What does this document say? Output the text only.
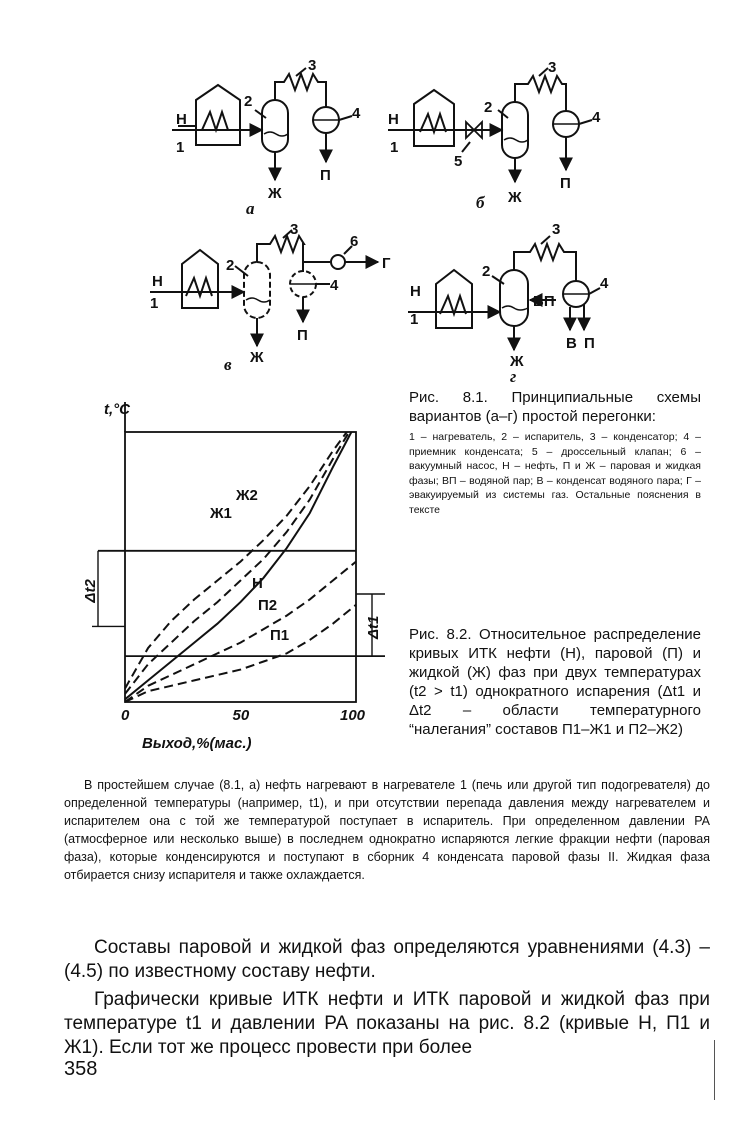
Н
1
2
3
4
Ж
П
а
Н
1
2
3
4
5
Ж
П
б
Н
1
2
3
4
6
Г
Ж
П
в
Н
1
2
3
4
ВП
Ж
В П
г
Рис. 8.1. Принципиальные схемы вариантов (а–г) простой перегонки:
1 – нагреватель, 2 – испаритель, 3 – конденсатор; 4 – приемник конденсата; 5 – дроссельный клапан; 6 – вакуумный насос, Н – нефть, П и Ж – паровая и жидкая фазы; ВП – водяной пар; В – конденсат водяного пара; Г – эвакуируемый из системы газ. Остальные пояснения в тексте
Ж2
Ж1
Н
П2
П1
t,°C
Выход,%(мас.)
0	50	100
Δt2
Δt1 Рис. 8.2. Относительное распределение кривых ИТК нефти (Н), паровой (П) и жидкой (Ж) фаз при двух температурах (t2 > t1) однократного испарения (Δt1 и Δt2 – области температурного “налегания” составов П1–Ж1 и П2–Ж2)
В простейшем случае (8.1, а) нефть нагревают в нагревателе 1 (печь или другой тип подогревателя) до определенной температуры (например, t1), и при отсутствии перепада давления между нагревателем и испарителем она с той же температурой поступает в испаритель. При определенном давлении PA (атмосферное или несколько выше) в последнем однократно испаряются легкие фракции нефти (паровая фаза), которые конденсируются и поступают в сборник 4 конденсата паровой фазы II. Жидкая фаза отбирается снизу испарителя и также охлаждается.
Составы паровой и жидкой фаз определяются уравнениями (4.3) – (4.5) по известному составу нефти.
Графически кривые ИТК нефти и ИТК паровой и жидкой фаз при температуре t1 и давлении PA показаны на рис. 8.2 (кривые Н, П1 и Ж1). Если тот же процесс провести при более
358
